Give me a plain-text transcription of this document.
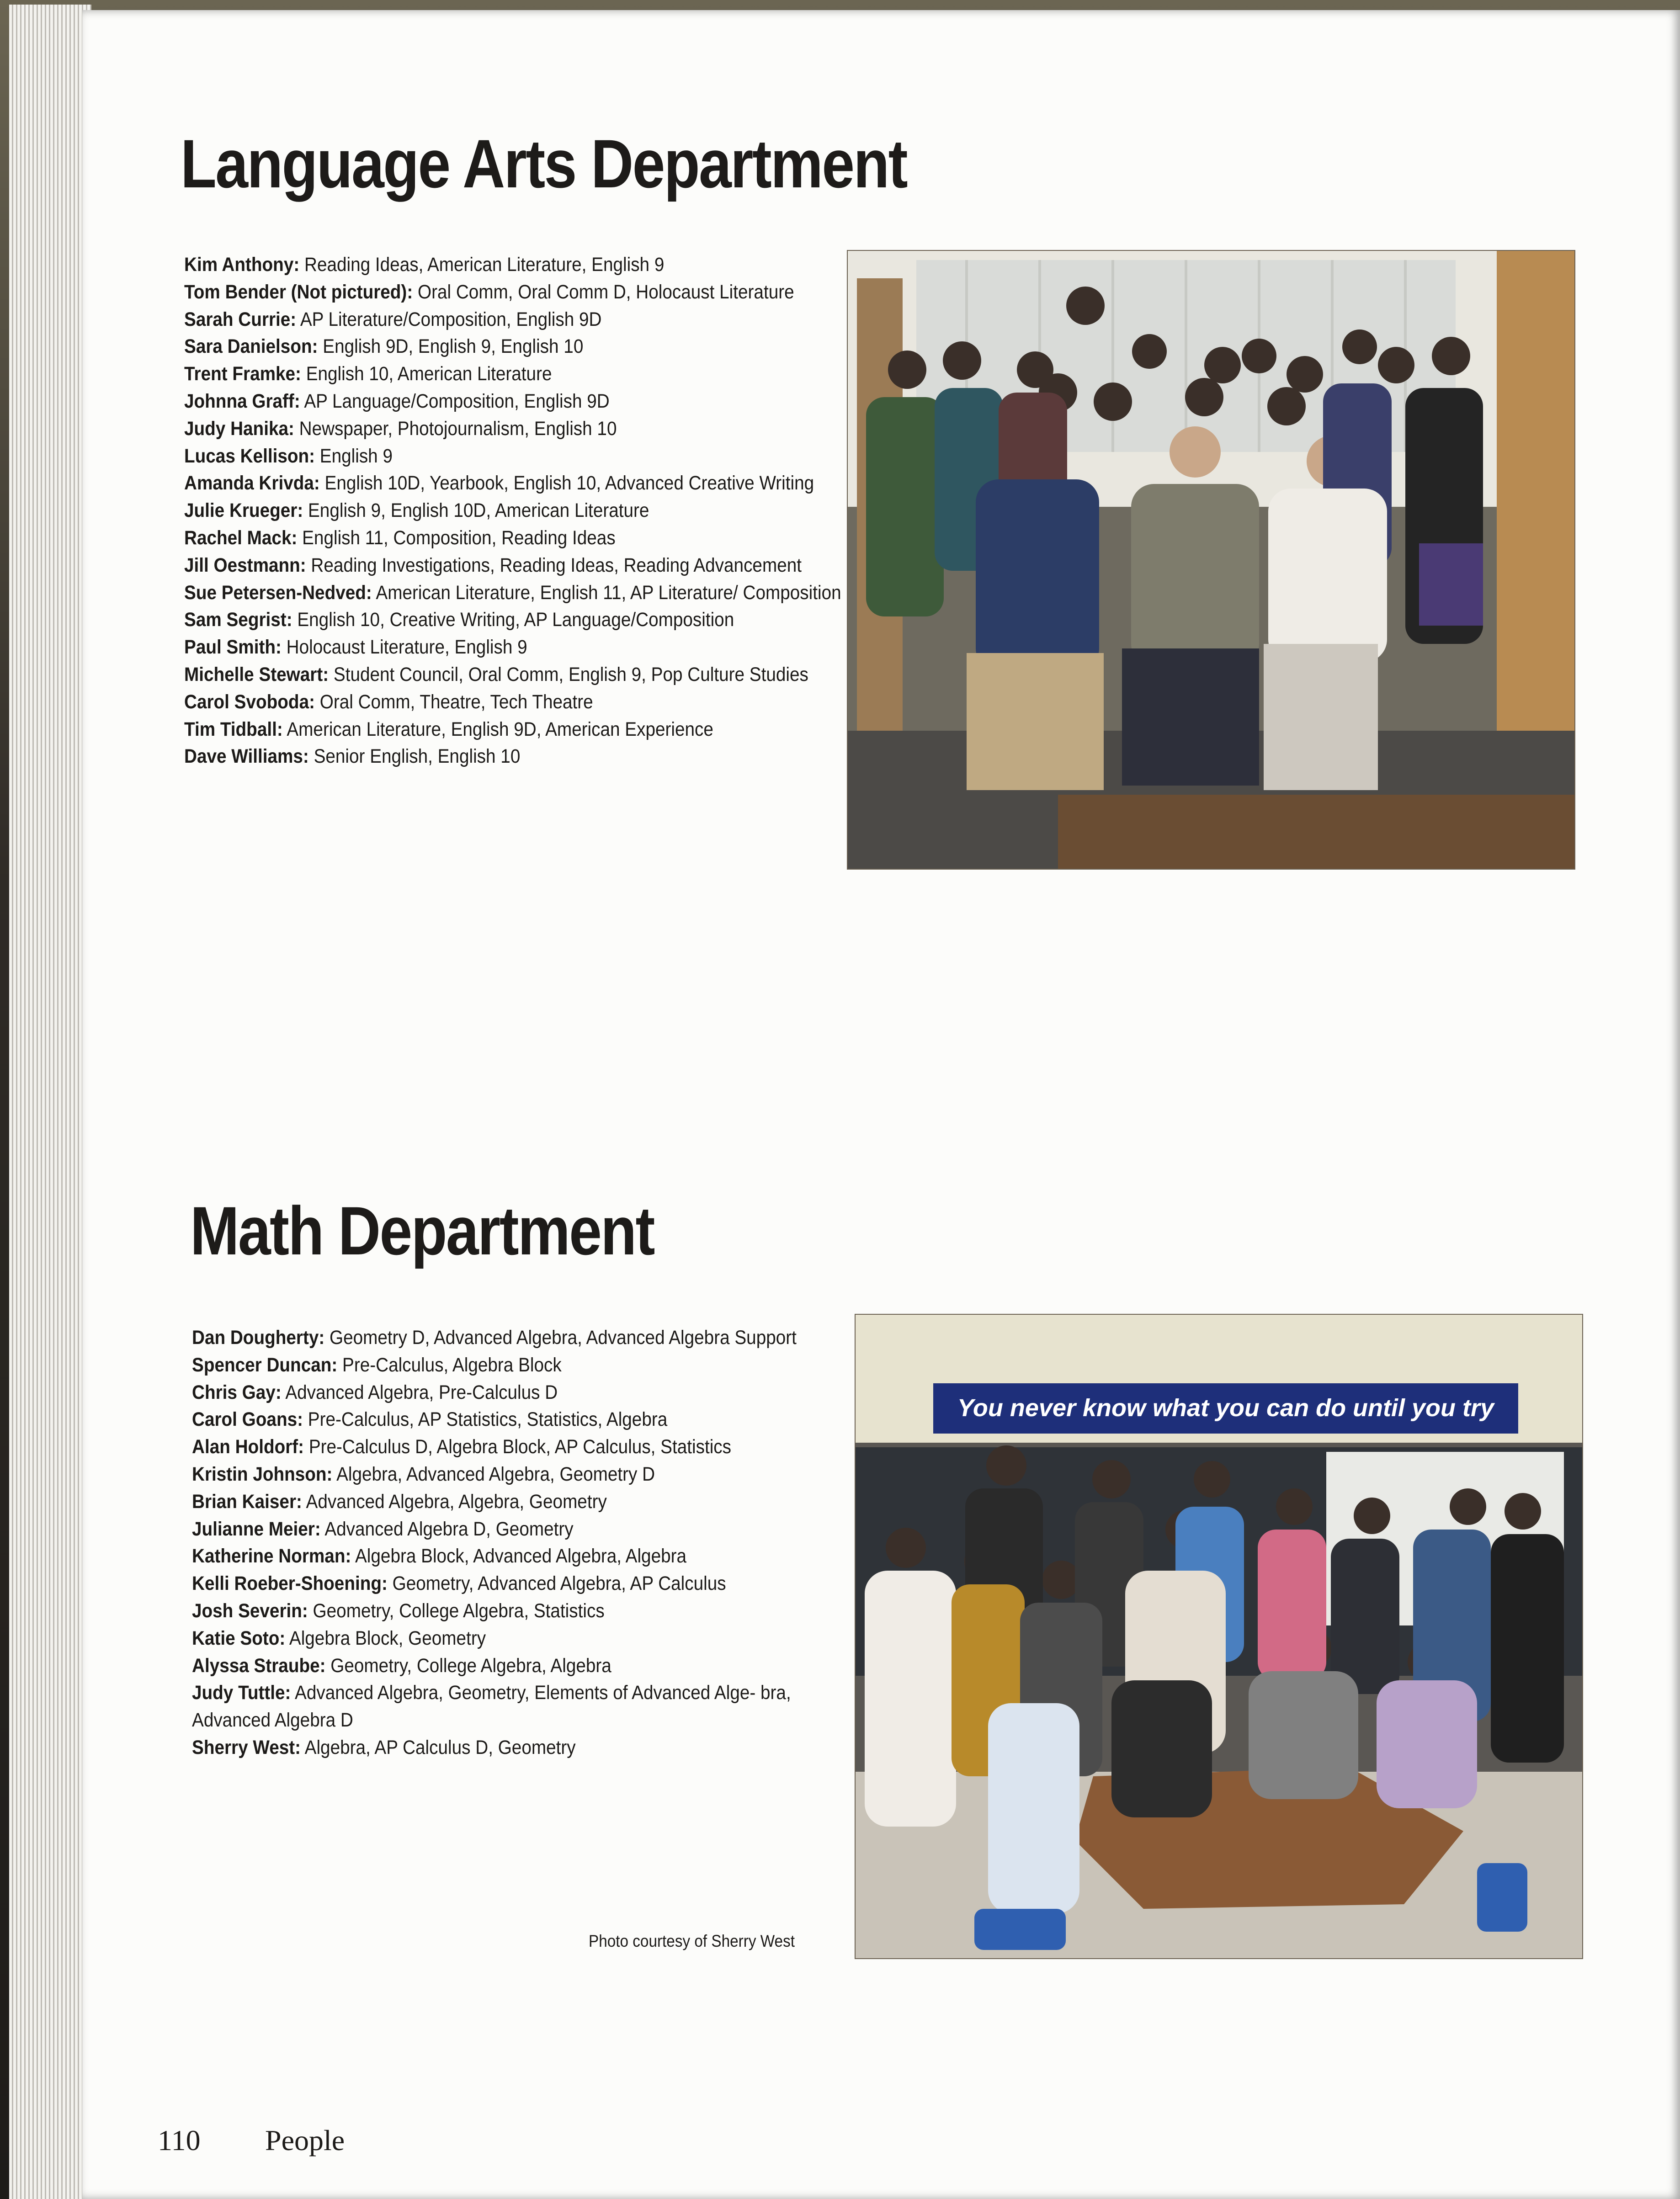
Language Arts Department

Kim Anthony: Reading Ideas, American Literature, English 9

Tom Bender (Not pictured): Oral Comm, Oral Comm D, Holocaust Literature

Sarah Currie: AP Literature/Composition, English 9D

Sara Danielson: English 9D, English 9, English 10

Trent Framke: English 10, American Literature

Johnna Graff: AP Language/Composition, English 9D

Judy Hanika: Newspaper, Photojournalism, English 10

Lucas Kellison: English 9

Amanda Krivda: English 10D, Yearbook, English 10, Advanced Creative Writing

Julie Krueger: English 9, English 10D, American Literature

Rachel Mack: English 11, Composition, Reading Ideas

Jill Oestmann: Reading Investigations, Reading Ideas, Reading Advancement

Sue Petersen-Nedved: American Literature, English 11, AP Literature/ Composition

Sam Segrist: English 10, Creative Writing, AP Language/Composition

Paul Smith: Holocaust Literature, English 9

Michelle Stewart: Student Council, Oral Comm, English 9, Pop Culture Studies

Carol Svoboda: Oral Comm, Theatre, Tech Theatre

Tim Tidball: American Literature, English 9D, American Experience

Dave Williams: Senior English, English 10

Math Department

Dan Dougherty: Geometry D, Advanced Algebra, Advanced Algebra Support

Spencer Duncan: Pre-Calculus, Algebra Block

Chris Gay: Advanced Algebra, Pre-Calculus D

Carol Goans: Pre-Calculus, AP Statistics, Statistics, Algebra

Alan Holdorf: Pre-Calculus D, Algebra Block, AP Calculus, Statistics

Kristin Johnson: Algebra, Advanced Algebra, Geometry D

Brian Kaiser: Advanced Algebra, Algebra, Geometry

Julianne Meier: Advanced Algebra D, Geometry

Katherine Norman: Algebra Block, Advanced Algebra, Algebra

Kelli Roeber-Shoening: Geometry, Advanced Algebra, AP Calculus

Josh Severin: Geometry, College Algebra, Statistics

Katie Soto: Algebra Block, Geometry

Alyssa Straube: Geometry, College Algebra, Algebra

Judy Tuttle: Advanced Algebra, Geometry, Elements of Advanced Alge- bra, Advanced Algebra D

Sherry West: Algebra, AP Calculus D, Geometry

You never know what you can do until you try
Photo courtesy of Sherry West
110 People
